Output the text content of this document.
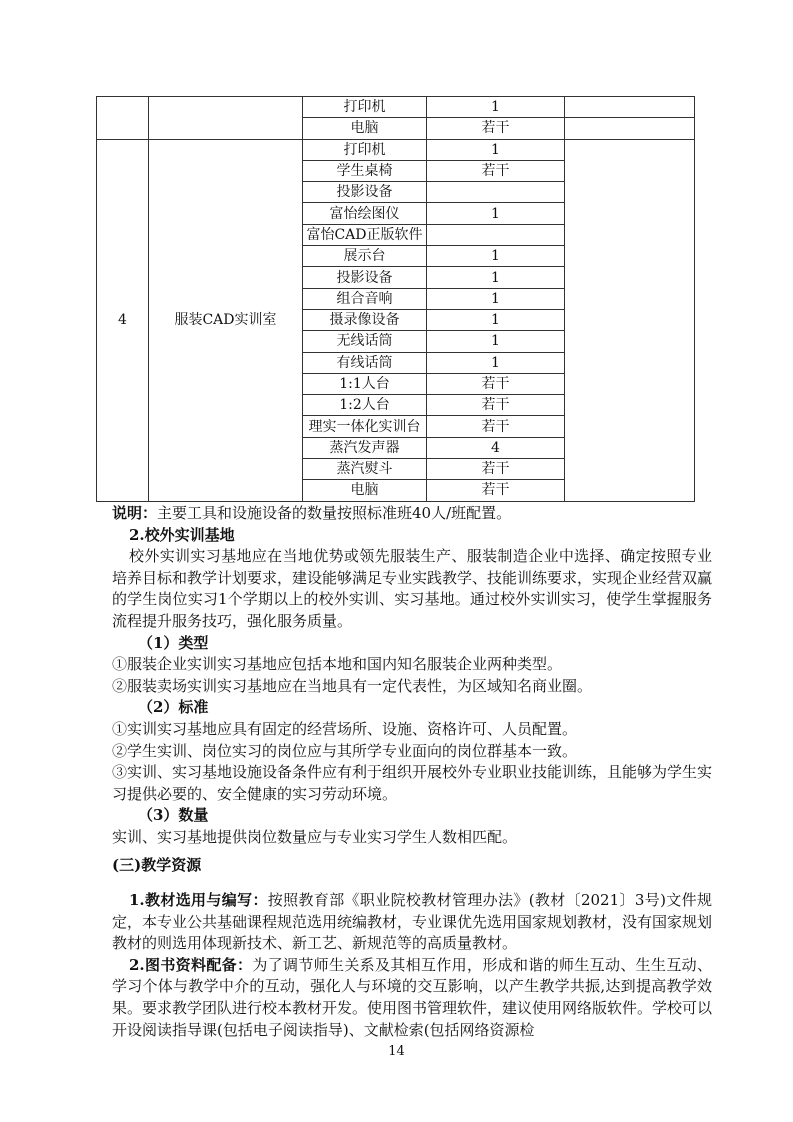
		打印机	1	
		电脑	若干	
4	服装CAD实训室	打印机	1	
		学生桌椅	若干	
		投影设备		
		富怡绘图仪	1	
		富怡CAD正版软件		
		展示台	1	
		投影设备	1	
		组合音响	1	
		摄录像设备	1	
		无线话筒	1	
		有线话筒	1	
		1:1人台	若干	
		1:2人台	若干	
		理实一体化实训台	若干	
		蒸汽发声器	4	
		蒸汽熨斗	若干	
		电脑	若干	

说明：主要工具和设施设备的数量按照标准班40人/班配置。

2.校外实训基地

校外实训实习基地应在当地优势或领先服装生产、服装制造企业中选择、确定按照专业培养目标和教学计划要求，建设能够满足专业实践教学、技能训练要求，实现企业经营双赢的学生岗位实习1个学期以上的校外实训、实习基地。通过校外实训实习，使学生掌握服务流程提升服务技巧，强化服务质量。

（1）类型

①服装企业实训实习基地应包括本地和国内知名服装企业两种类型。

②服装卖场实训实习基地应在当地具有一定代表性，为区域知名商业圈。

（2）标准

①实训实习基地应具有固定的经营场所、设施、资格许可、人员配置。

②学生实训、岗位实习的岗位应与其所学专业面向的岗位群基本一致。

③实训、实习基地设施设备条件应有利于组织开展校外专业职业技能训练，且能够为学生实习提供必要的、安全健康的实习劳动环境。

（3）数量

实训、实习基地提供岗位数量应与专业实习学生人数相匹配。

(三)教学资源

1.教材选用与编写：按照教育部《职业院校教材管理办法》(教材〔2021〕3号)文件规定，本专业公共基础课程规范选用统编教材，专业课优先选用国家规划教材，没有国家规划教材的则选用体现新技术、新工艺、新规范等的高质量教材。

2.图书资料配备：为了调节师生关系及其相互作用，形成和谐的师生互动、生生互动、学习个体与教学中介的互动，强化人与环境的交互影响，以产生教学共振,达到提高教学效果。要求教学团队进行校本教材开发。使用图书管理软件，建议使用网络版软件。学校可以开设阅读指导课(包括电子阅读指导)、文献检索(包括网络资源检

14
